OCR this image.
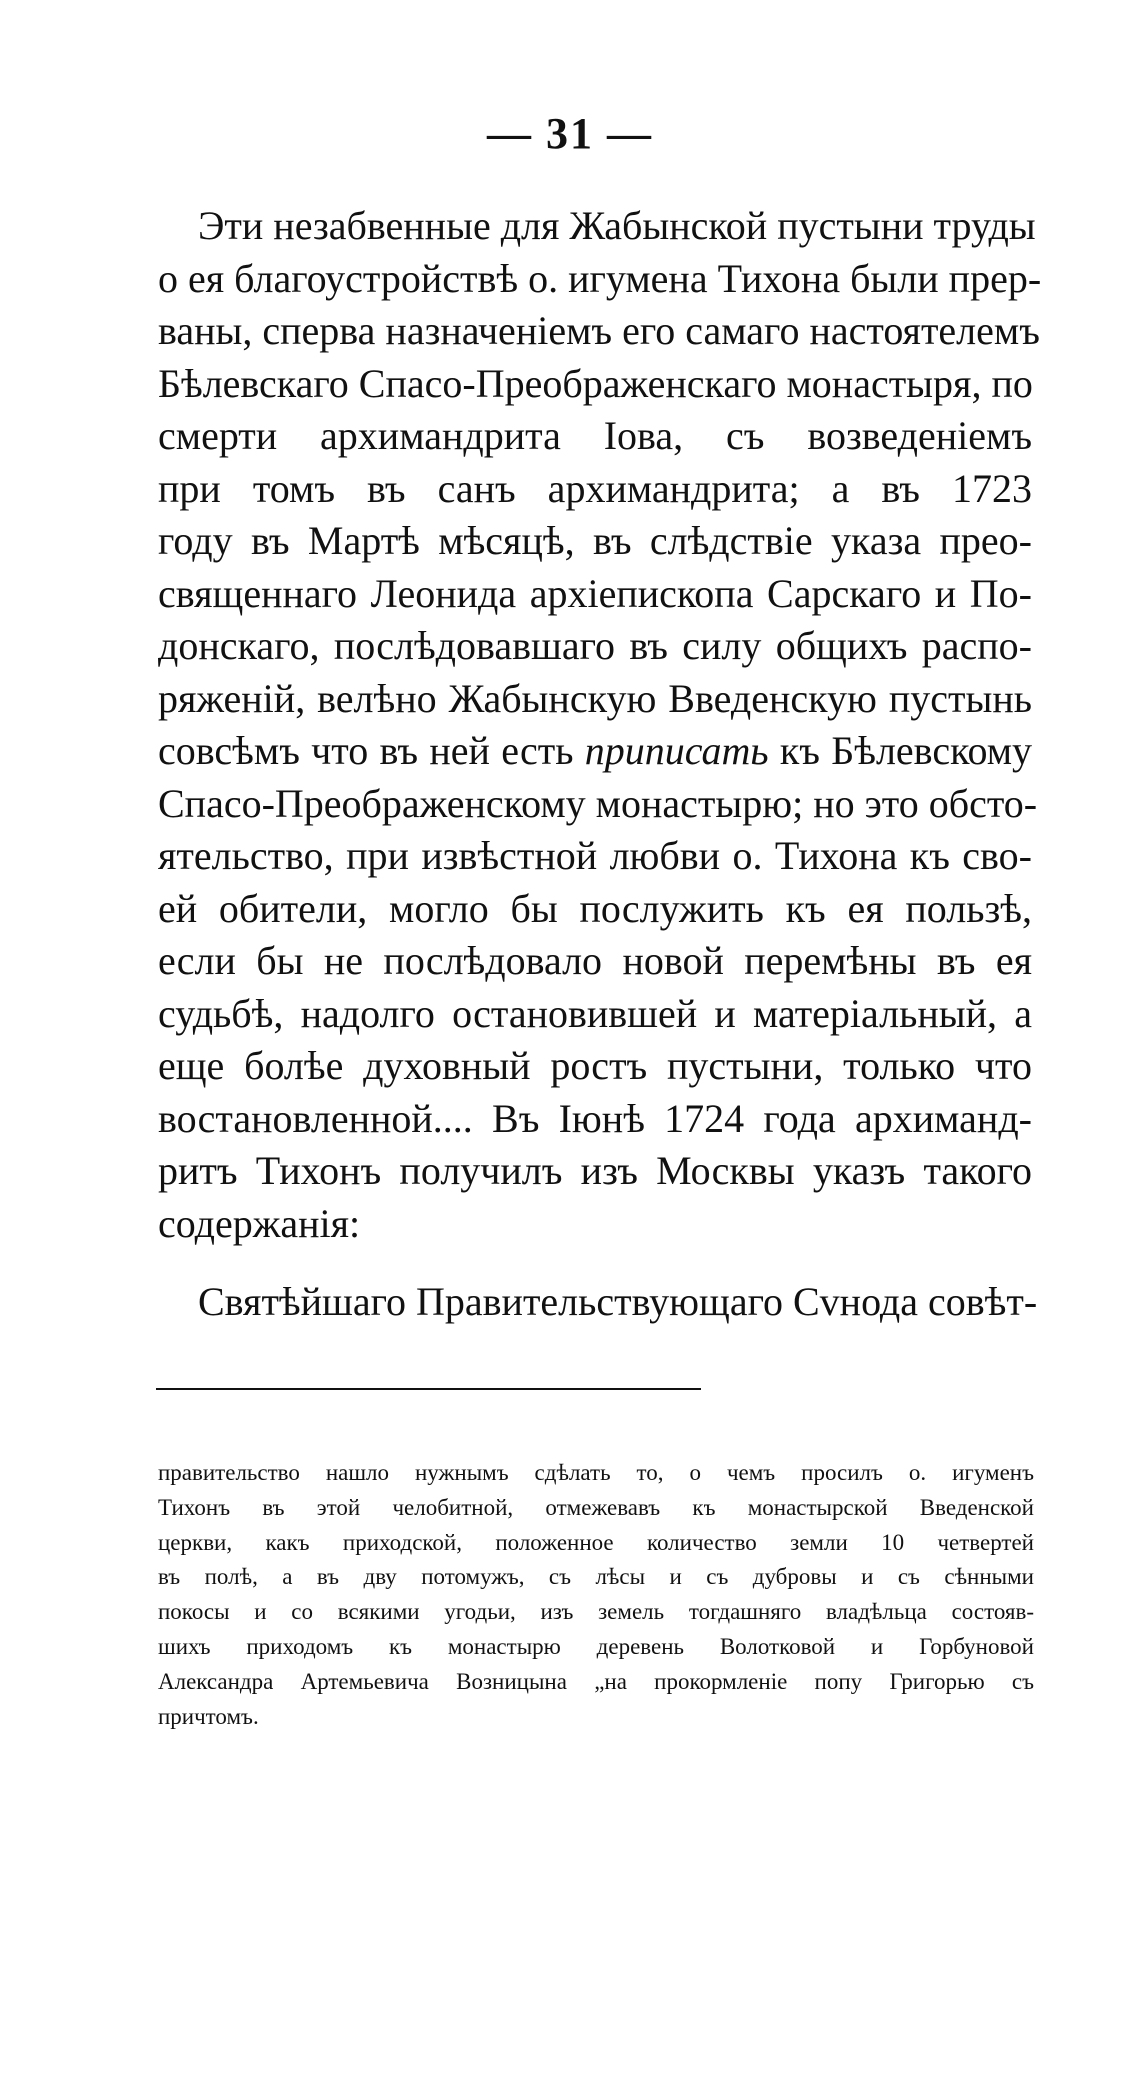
— 31 —
Эти незабвенные для Жабынской пустыни труды
о ея благоустройствѣ о. игумена Тихона были прер-
ваны, сперва назначеніемъ его самаго настоятелемъ
Бѣлевскаго Спасо-Преображенскаго монастыря, по
смерти архимандрита Іова, съ возведеніемъ
при томъ въ санъ архимандрита; а въ 1723
году въ Мартѣ мѣсяцѣ, въ слѣдствіе указа прео-
священнаго Леонида архіепископа Сарскаго и По-
донскаго, послѣдовавшаго въ силу общихъ распо-
ряженій, велѣно Жабынскую Введенскую пустынь
совсѣмъ что въ ней есть приписать къ Бѣлевскому
Спасо-Преображенскому монастырю; но это обсто-
ятельство, при извѣстной любви о. Тихона къ сво-
ей обители, могло бы послужить къ ея пользѣ,
если бы не послѣдовало новой перемѣны въ ея
судьбѣ, надолго остановившей и матеріальный, а
еще болѣе духовный ростъ пустыни, только что
востановленной.... Въ Іюнѣ 1724 года архиманд-
ритъ Тихонъ получилъ изъ Москвы указъ такого
содержанія:
Святѣйшаго Правительствующаго Сvнода совѣт-
правительство нашло нужнымъ сдѣлать то, о чемъ просилъ о. игуменъ
Тихонъ въ этой челобитной, отмежевавъ къ монастырской Введенской
церкви, какъ приходской, положенное количество земли 10 четвертей
въ полѣ, а въ дву потомужъ, съ лѣсы и съ дубровы и съ сѣнными
покосы и со всякими угодьи, изъ земель тогдашняго владѣльца состояв-
шихъ приходомъ къ монастырю деревень Волотковой и Горбуновой
Александра Артемьевича Возницына „на прокормленіе попу Григорью съ
причтомъ.
